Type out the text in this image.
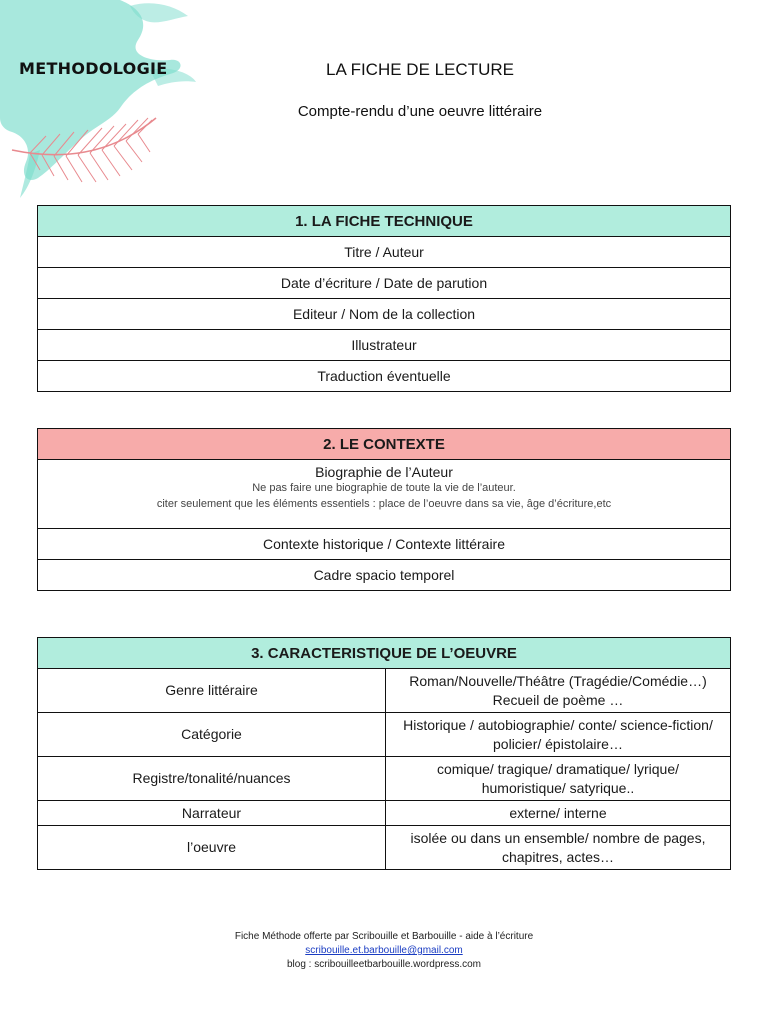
METHODOLOGIE	LA FICHE DE LECTURE
Compte-rendu d’une oeuvre littéraire
1. LA FICHE TECHNIQUE
Titre / Auteur
Date d’écriture / Date de parution
Editeur / Nom de la collection
Illustrateur
Traduction éventuelle
2. LE CONTEXTE

Biographie de l’Auteur
Ne pas faire une biographie de toute la vie de l’auteur.
citer seulement que les éléments essentiels : place de l’oeuvre dans sa vie, âge d’écriture,etc

Contexte historique / Contexte littéraire
Cadre spacio temporel
3. CARACTERISTIQUE DE L’OEUVRE	
Genre littéraire	Roman/Nouvelle/Théâtre (Tragédie/Comédie…)
Recueil de poème …

Catégorie	Historique / autobiographie/ conte/ science-fiction/
policier/ épistolaire…

Registre/tonalité/nuances	comique/ tragique/ dramatique/ lyrique/
humoristique/ satyrique..

Narrateur	externe/ interne

l’oeuvre	isolée ou dans un ensemble/ nombre de pages,
chapitres, actes…
Fiche Méthode offerte par Scribouille et Barbouille - aide à l’écriture
scribouille.et.barbouille@gmail.com
blog : scribouilleetbarbouille.wordpress.com
